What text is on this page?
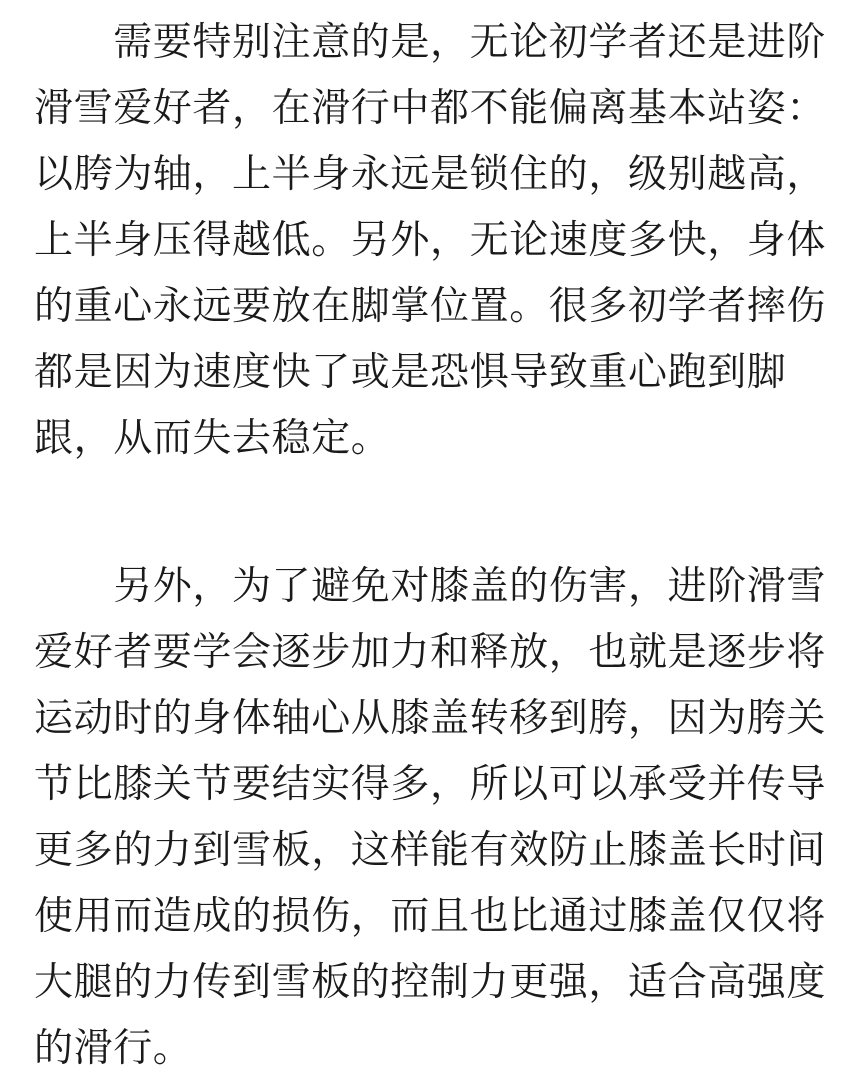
　　需要特别注意的是，无论初学者还是进阶
滑雪爱好者，在滑行中都不能偏离基本站姿：
以胯为轴，上半身永远是锁住的，级别越高，
上半身压得越低。另外，无论速度多快，身体
的重心永远要放在脚掌位置。很多初学者摔伤
都是因为速度快了或是恐惧导致重心跑到脚
跟，从而失去稳定。
　　另外，为了避免对膝盖的伤害，进阶滑雪
爱好者要学会逐步加力和释放，也就是逐步将
运动时的身体轴心从膝盖转移到胯，因为胯关
节比膝关节要结实得多，所以可以承受并传导
更多的力到雪板，这样能有效防止膝盖长时间
使用而造成的损伤，而且也比通过膝盖仅仅将
大腿的力传到雪板的控制力更强，适合高强度
的滑行。
